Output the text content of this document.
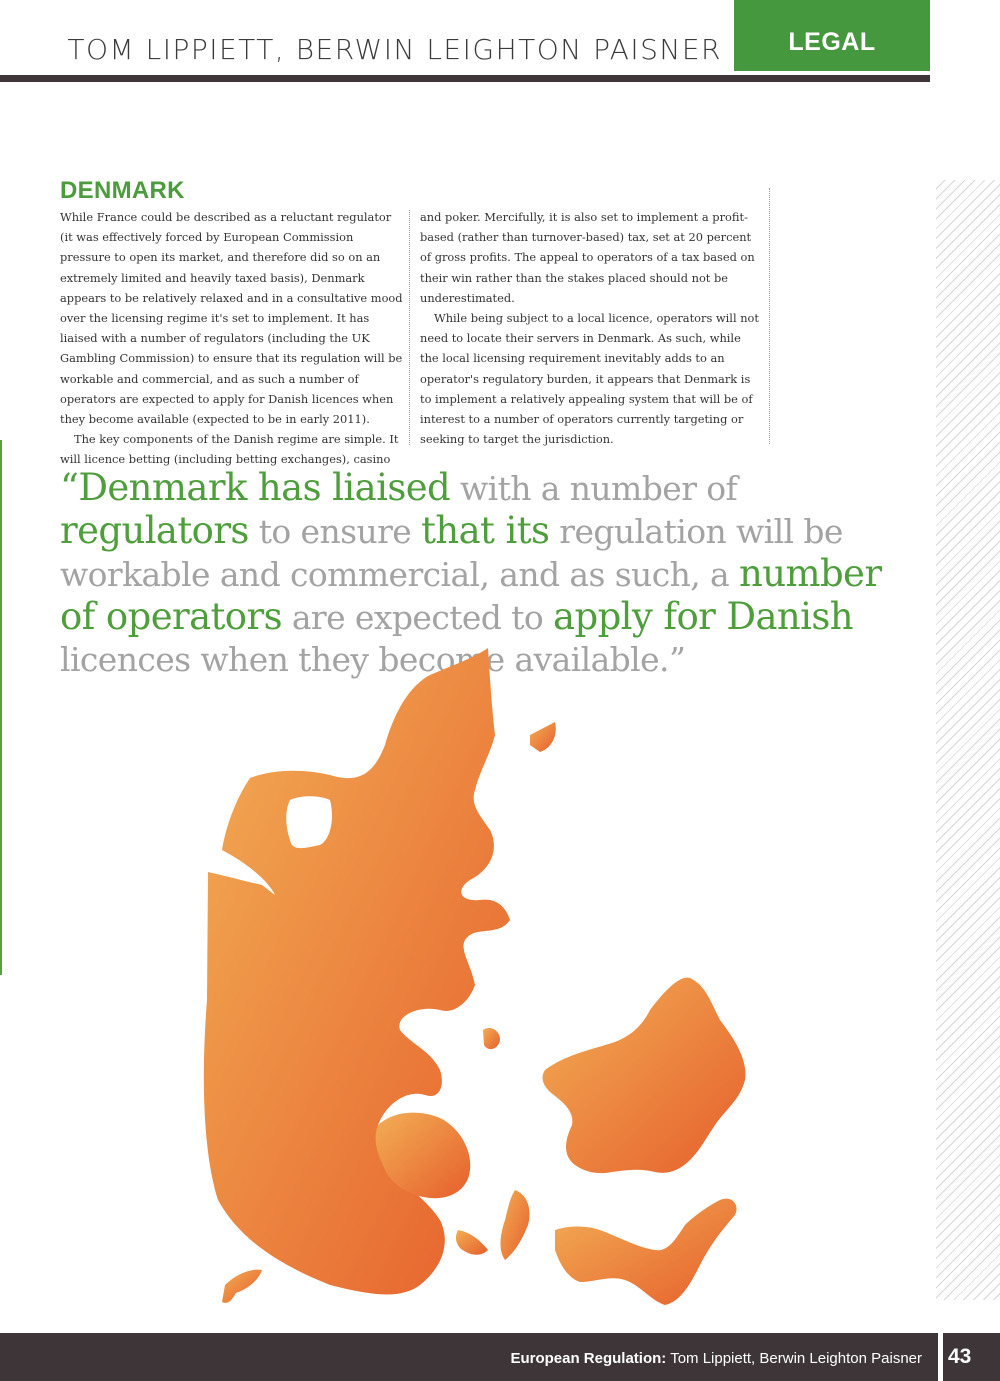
TOM LIPPIETT, BERWIN LEIGHTON PAISNER	LEGAL
DENMARK

While France could be described as a reluctant regulator (it was effectively forced by European Commission pressure to open its market, and therefore did so on an extremely limited and heavily taxed basis), Denmark appears to be relatively relaxed and in a consultative mood over the licensing regime it's set to implement. It has liaised with a number of regulators (including the UK Gambling Commission) to ensure that its regulation will be workable and commercial, and as such a number of operators are expected to apply for Danish licences when they become available (expected to be in early 2011).

The key components of the Danish regime are simple. It will licence betting (including betting exchanges), casino

and poker. Mercifully, it is also set to implement a profit-based (rather than turnover-based) tax, set at 20 percent of gross profits. The appeal to operators of a tax based on their win rather than the stakes placed should not be underestimated.

While being subject to a local licence, operators will not need to locate their servers in Denmark. As such, while the local licensing requirement inevitably adds to an operator's regulatory burden, it appears that Denmark is to implement a relatively appealing system that will be of interest to a number of operators currently targeting or seeking to target the jurisdiction.

“Denmark has liaised with a number of regulators to ensure that its regulation will be workable and commercial, and as such, a number of operators are expected to apply for Danish licences when they become available.”
European Regulation: Tom Lippiett, Berwin Leighton Paisner 43
